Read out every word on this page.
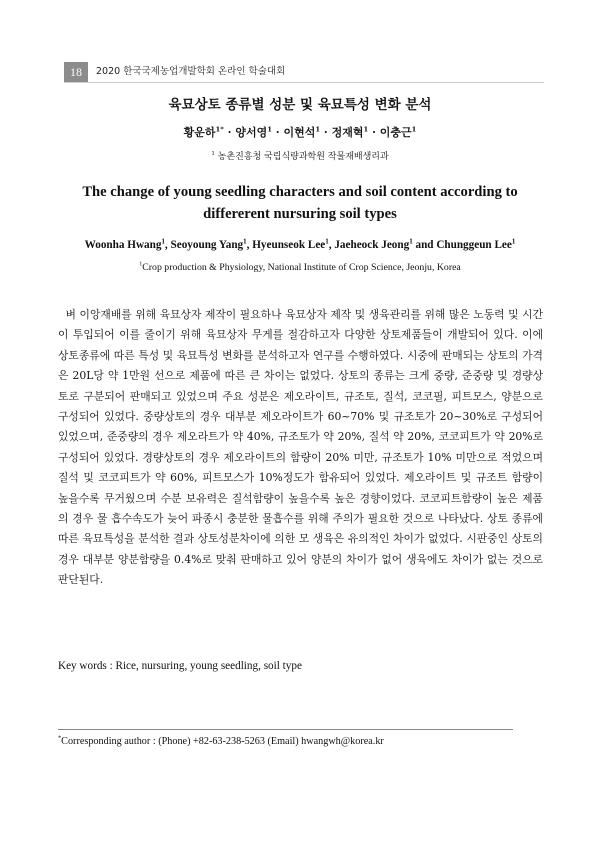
18	2020 한국국제농업개발학회 온라인 학술대회
육묘상토 종류별 성분 및 육묘특성 변화 분석
황운하$^{1*}$ · 양서영$^1$ · 이현석$^1$ · 정재혁$^1$ · 이충근$^1$
$^1$ 농촌진흥청 국립식량과학원 작물재배생리과
The change of young seedling characters and soil content according to
differerent nursuring soil types
Woonha Hwang$^1$, Seoyoung Yang$^1$, Hyeunseok Lee$^1$, Jaeheock Jeong$^1$ and Chunggeun Lee$^1$
$^1$Crop production & Physiology, National Institute of Crop Science, Jeonju, Korea

벼 이앙재배를 위해 육묘상자 제작이 필요하나 육묘상자 제작 및 생육관리를 위해 많은 노동력 및 시간이 투입되어 이를 줄이기 위해 육묘상자 무게를 절감하고자 다양한 상토제품들이 개발되어 있다. 이에 상토종류에 따른 특성 및 육묘특성 변화를 분석하고자 연구를 수행하였다. 시중에 판매되는 상토의 가격은 20L당 약 1만원 선으로 제품에 따른 큰 차이는 없었다. 상토의 종류는 크게 중량, 준중량 및 경량상토로 구분되어 판매되고 있었으며 주요 성분은 제오라이트, 규조토, 질석, 코코필, 피트모스, 양분으로 구성되어 있었다. 중량상토의 경우 대부분 제오라이트가 60~70% 및 규조토가 20~30%로 구성되어 있었으며, 준중량의 경우 제오라트가 약 40%, 규조토가 약 20%, 질석 약 20%, 코코피트가 약 20%로 구성되어 있었다. 경량상토의 경우 제오라이트의 함량이 20% 미만, 규조토가 10% 미만으로 적었으며 질석 및 코코피트가 약 60%, 피트모스가 10%정도가 함유되어 있었다. 제오라이트 및 규조트 함량이 높을수록 무거웠으며 수분 보유력은 질석함량이 높을수록 높은 경향이었다. 코코피트함량이 높은 제품의 경우 물 흡수속도가 늦어 파종시 충분한 물흡수를 위해 주의가 필요한 것으로 나타났다. 상토 종류에 따른 육묘특성을 분석한 결과 상토성분차이에 의한 모 생육은 유의적인 차이가 없었다. 시판중인 상토의 경우 대부분 양분함량을 0.4%로 맞춰 판매하고 있어 양분의 차이가 없어 생육에도 차이가 없는 것으로 판단된다.

Key words : Rice, nursuring, young seedling, soil type
*Corresponding author : (Phone) +82-63-238-5263 (Email) hwangwh@korea.kr
